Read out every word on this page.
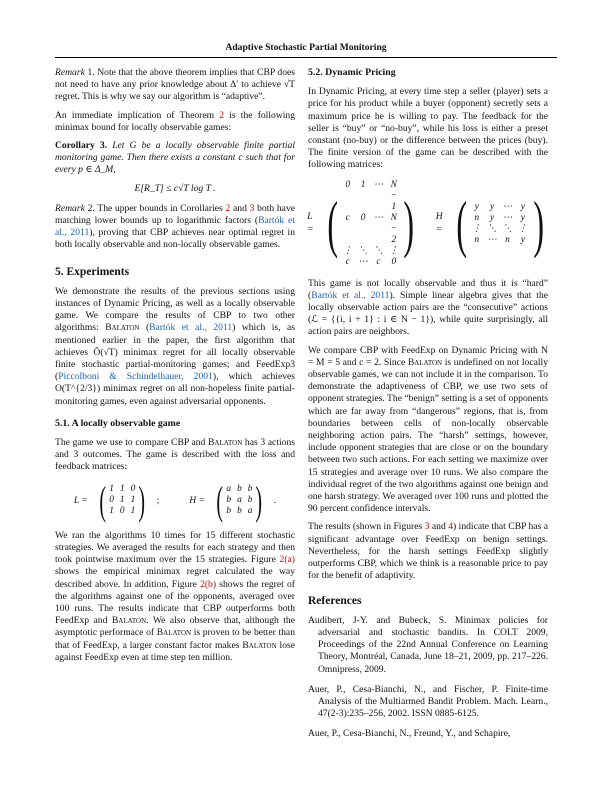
Adaptive Stochastic Partial Monitoring

Remark 1. Note that the above theorem implies that CBP does not need to have any prior knowledge about Δ′ to achieve √T regret. This is why we say our algorithm is “adaptive”.

An immediate implication of Theorem 2 is the following minimax bound for locally observable games:

Corollary 3. Let G be a locally observable finite partial monitoring game. Then there exists a constant c such that for every p ∈ Δ_M,

E[R_T] ≤ c√T log T .

Remark 2. The upper bounds in Corollaries 2 and 3 both have matching lower bounds up to logarithmic factors (Bartók et al., 2011), proving that CBP achieves near optimal regret in both locally observable and non-locally observable games.

5. Experiments

We demonstrate the results of the previous sections using instances of Dynamic Pricing, as well as a locally observable game. We compare the results of CBP to two other algorithms: Balaton (Bartók et al., 2011) which is, as mentioned earlier in the paper, the first algorithm that achieves Õ(√T) minimax regret for all locally observable finite stochastic partial-monitoring games; and FeedExp3 (Piccolboni & Schindelhauer, 2001), which achieves O(T^{2/3}) minimax regret on all non-hopeless finite partial-monitoring games, even against adversarial opponents.

5.1. A locally observable game

The game we use to compare CBP and Balaton has 3 actions and 3 outcomes. The game is described with the loss and feedback matrices:

L = ( 1 1 0
0 1 1
1 0 1 ) ;	H = ( a b b
b a b
b b a ) .

We ran the algorithms 10 times for 15 different stochastic strategies. We averaged the results for each strategy and then took pointwise maximum over the 15 strategies. Figure 2(a) shows the empirical minimax regret calculated the way described above. In addition, Figure 2(b) shows the regret of the algorithms against one of the opponents, averaged over 100 runs. The results indicate that CBP outperforms both FeedExp and Balaton. We also observe that, although the asymptotic performace of Balaton is proven to be better than that of FeedExp, a larger constant factor makes Balaton lose against FeedExp even at time step ten million.

5.2. Dynamic Pricing

In Dynamic Pricing, at every time step a seller (player) sets a price for his product while a buyer (opponent) secretly sets a maximum price he is willing to pay. The feedback for the seller is “buy” or “no-buy”, while his loss is either a preset constant (no-buy) or the difference between the prices (buy). The finite version of the game can be described with the following matrices:

L = (
0 1 ⋯ N − 1
c 0 ⋯ N − 2
⋮ ⋱ ⋱ ⋮
c ⋯ c 0
) H = ( y y ⋯ y
n y ⋯ y
⋮ ⋱ ⋱ ⋮
n ⋯ n y )

This game is not locally observable and thus it is “hard” (Bartók et al., 2011). Simple linear algebra gives that the locally observable action pairs are the “consecutive” actions (ℒ = {{i, i + 1} : i ∈ N − 1}), while quite surprisingly, all action pairs are neighbors.

We compare CBP with FeedExp on Dynamic Pricing with N = M = 5 and c = 2. Since Balaton is undefined on not locally observable games, we can not include it in the comparison. To demonstrate the adaptiveness of CBP, we use two sets of opponent strategies. The “benign” setting is a set of opponents which are far away from “dangerous” regions, that is, from boundaries between cells of non-locally observable neighboring action pairs. The “harsh” settings, however, include opponent strategies that are close or on the boundary between two such actions. For each setting we maximize over 15 strategies and average over 10 runs. We also compare the individual regret of the two algorithms against one benign and one harsh strategy. We averaged over 100 runs and plotted the 90 percent confidence intervals.

The results (shown in Figures 3 and 4) indicate that CBP has a significant advantage over FeedExp on benign settings. Nevertheless, for the harsh settings FeedExp slightly outperforms CBP, which we think is a reasonable price to pay for the benefit of adaptivity.

References

Audibert, J-Y. and Bubeck, S. Minimax policies for adversarial and stochastic bandits. In COLT 2009, Proceedings of the 22nd Annual Conference on Learning Theory, Montréal, Canada, June 18–21, 2009, pp. 217–226. Omnipress, 2009.

Auer, P., Cesa-Bianchi, N., and Fischer, P. Finite-time Analysis of the Multiarmed Bandit Problem. Mach. Learn., 47(2-3):235–256, 2002. ISSN 0885-6125.

Auer, P., Cesa-Bianchi, N., Freund, Y., and Schapire,
